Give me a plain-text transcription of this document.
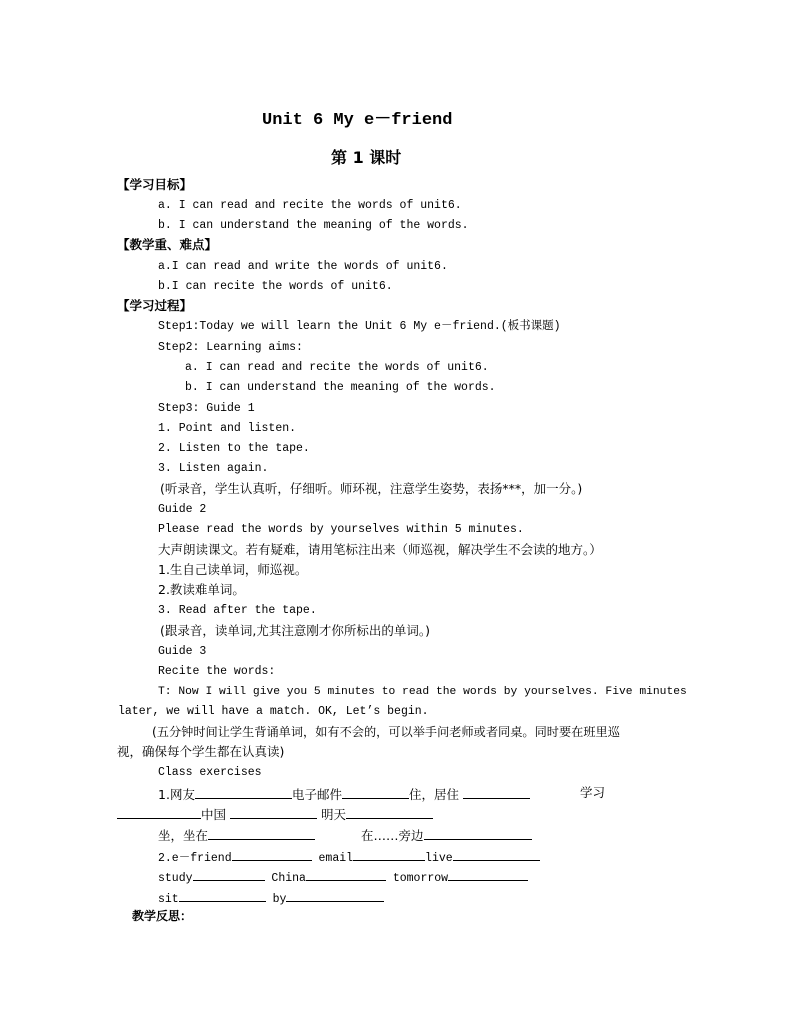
Unit 6 My e－friend
第 1 课时
【学习目标】
a. I can read and recite the words of unit6.
b. I can understand the meaning of the words.
【教学重、难点】
a.I can read and write the words of unit6.
b.I can recite the words of unit6.
【学习过程】
Step1:Today we will learn the Unit 6 My e－friend.(板书课题)
Step2: Learning aims:
a. I can read and recite the words of unit6.
b. I can understand the meaning of the words.
Step3: Guide 1
1. Point and listen.
2. Listen to the tape.
3. Listen again.
(听录音，学生认真听，仔细听。师环视，注意学生姿势，表扬***，加一分。)
Guide 2
Please read the words by yourselves within 5 minutes.
大声朗读课文。若有疑难，请用笔标注出来（师巡视，解决学生不会读的地方。）
1.生自己读单词，师巡视。
2.教读难单词。
3. Read after the tape.
(跟录音，读单词,尤其注意刚才你所标出的单词。)
Guide 3
Recite the words:
T: Now I will give you 5 minutes to read the words by yourselves. Five minutes
later, we will have a match. OK, Let’s begin.
(五分钟时间让学生背诵单词，如有不会的，可以举手问老师或者同桌。同时要在班里巡
视，确保每个学生都在认真读)
Class exercises
1.网友	电子邮件	住，居住	学习
中国	明天
坐，坐在	在……旁边
2.e－friend	email	live
study	China	tomorrow
sit	by
教学反思：
